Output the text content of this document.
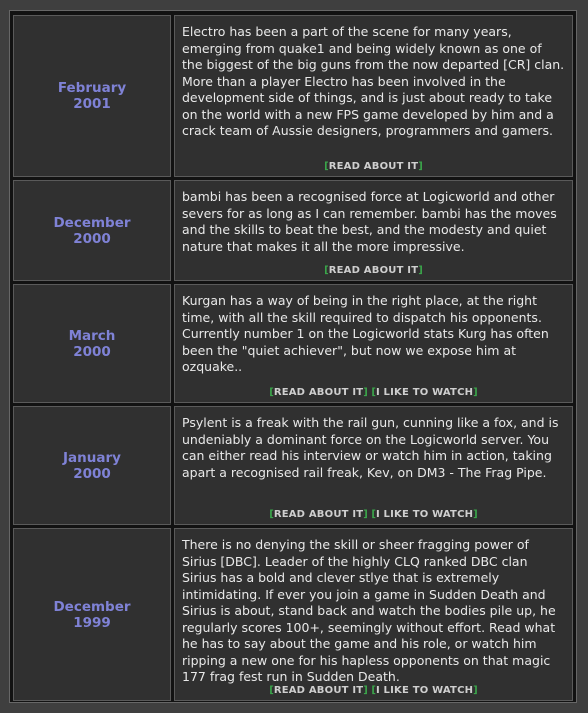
February
2001

Electro has been a part of the scene for many years, emerging from quake1 and being widely known as one of the biggest of the big guns from the now departed [CR] clan. More than a player Electro has been involved in the development side of things, and is just about ready to take on the world with a new FPS game developed by him and a crack team of Aussie designers, programmers and gamers.

[READ ABOUT IT]
December
2000

bambi has been a recognised force at Logicworld and other severs for as long as I can remember. bambi has the moves and the skills to beat the best, and the modesty and quiet nature that makes it all the more impressive.

[READ ABOUT IT]
March
2000

Kurgan has a way of being in the right place, at the right time, with all the skill required to dispatch his opponents. Currently number 1 on the Logicworld stats Kurg has often been the "quiet achiever", but now we expose him at ozquake..

[READ ABOUT IT] [I LIKE TO WATCH]
January
2000

Psylent is a freak with the rail gun, cunning like a fox, and is undeniably a dominant force on the Logicworld server. You can either read his interview or watch him in action, taking apart a recognised rail freak, Kev, on DM3 - The Frag Pipe.

[READ ABOUT IT] [I LIKE TO WATCH]
December
1999

There is no denying the skill or sheer fragging power of Sirius [DBC]. Leader of the highly CLQ ranked DBC clan Sirius has a bold and clever stlye that is extremely intimidating. If ever you join a game in Sudden Death and Sirius is about, stand back and watch the bodies pile up, he regularly scores 100+, seemingly without effort. Read what he has to say about the game and his role, or watch him ripping a new one for his hapless opponents on that magic 177 frag fest run in Sudden Death.

[READ ABOUT IT] [I LIKE TO WATCH]
